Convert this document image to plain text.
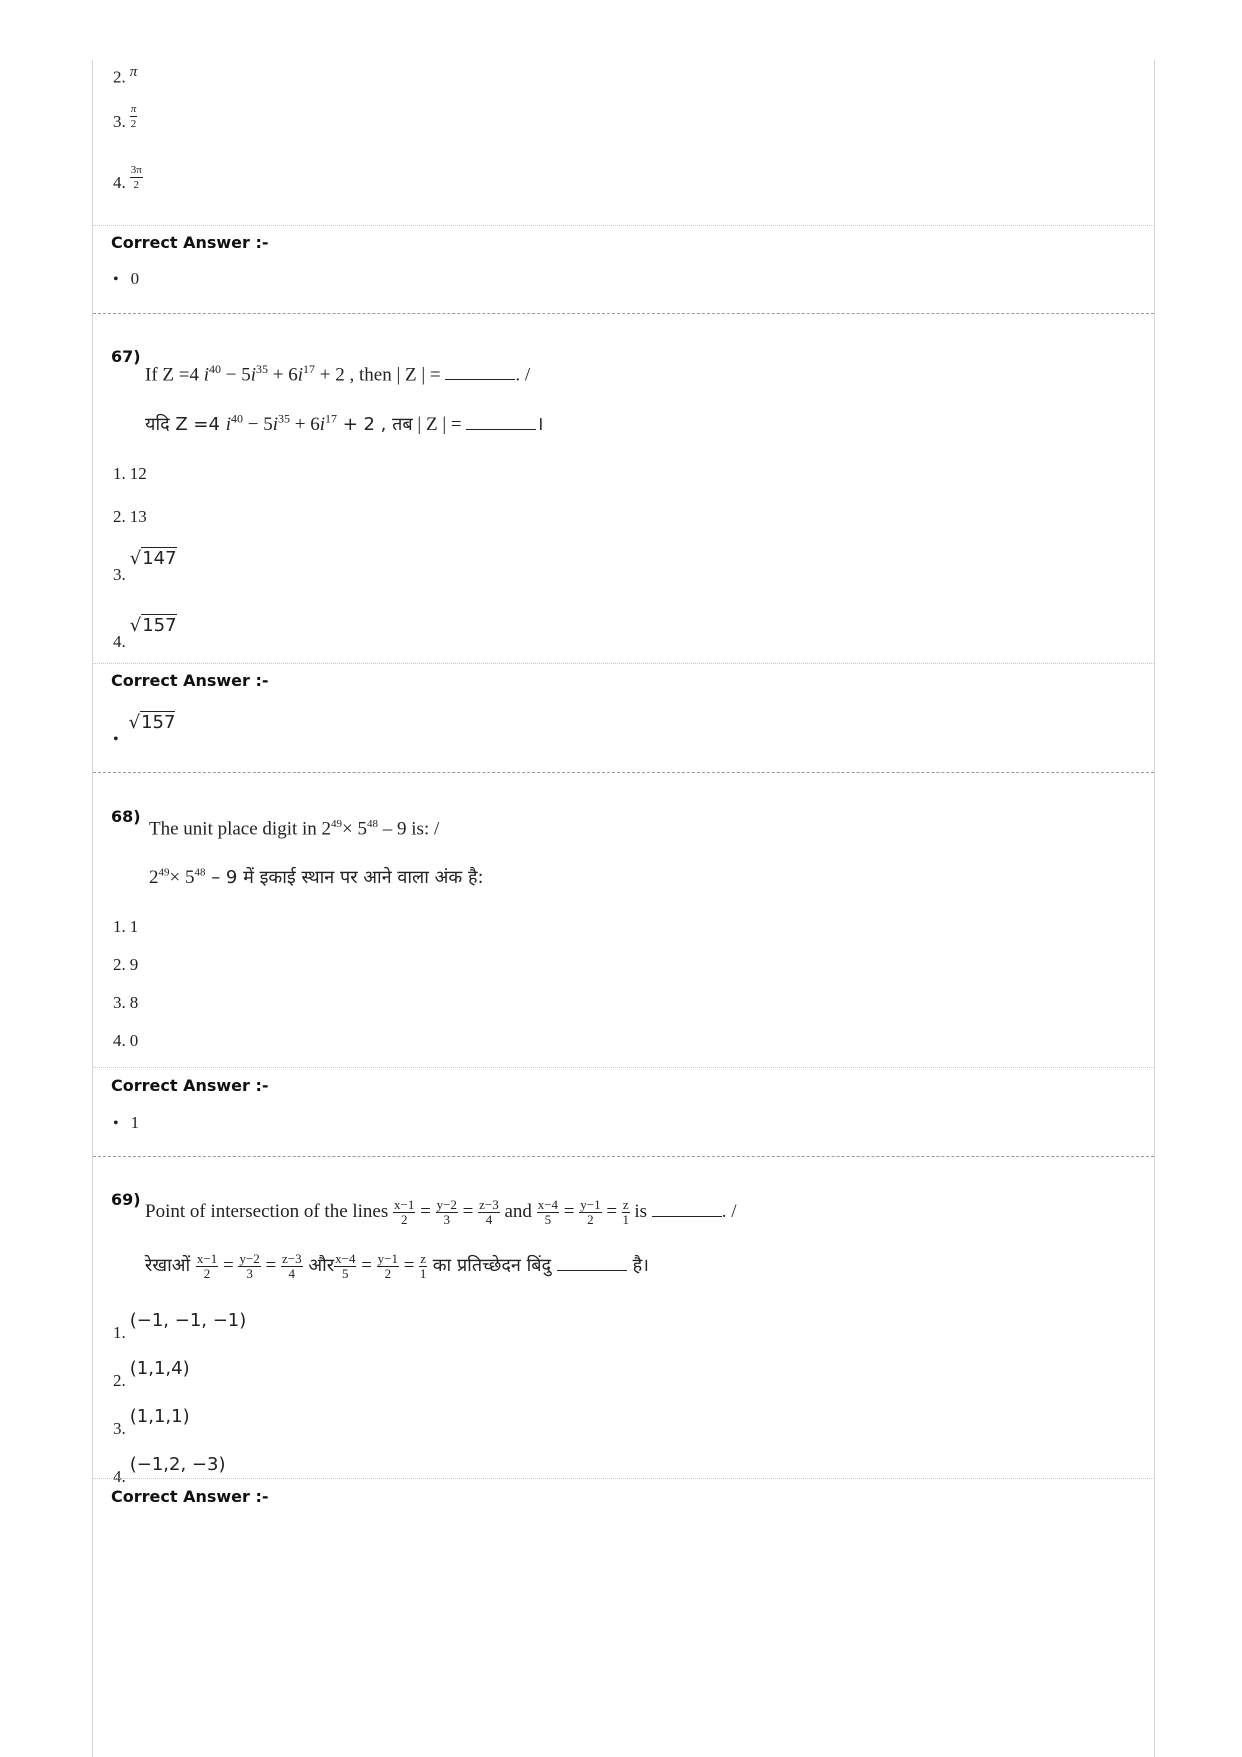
2. $^\pi$
3. $\frac{\pi}{2}$
4. $\frac{3\pi}{2}$
Correct Answer :-
• 0
67)
If Z =4 $i^{40} - 5i^{35} + 6i^{17} + 2$ , then | Z | =	. /
यदि Z =4 $i^{40} - 5i^{35} + 6i^{17} + 2$ , तब | Z | =	।
1. 12
2. 13
3. √147
4. √157
Correct Answer :-
• √157
68)
The unit place digit in $2^{49}\times 5^{48} - 9$ is: /
$2^{49}\times 5^{48} - 9$ में इकाई स्थान पर आने वाला अंक है:
1. 1
2. 9
3. 8
4. 0
Correct Answer :-
• 1
69)
Point of intersection of the lines $\frac{x-1}{2} = \frac{y-2}{3} = \frac{z-3}{4}$ and $\frac{x-4}{5} = \frac{y-1}{2} = \frac{z}{1}$ is	. /
रेखाओं $\frac{x-1}{2} = \frac{y-2}{3} = \frac{z-3}{4}$ और $\frac{x-4}{5} = \frac{y-1}{2} = \frac{z}{1}$ का प्रतिच्छेदन बिंदु	है।
1. (−1, −1, −1)
2. (1,1,4)
3. (1,1,1)
4. (−1,2, −3)
Correct Answer :-
